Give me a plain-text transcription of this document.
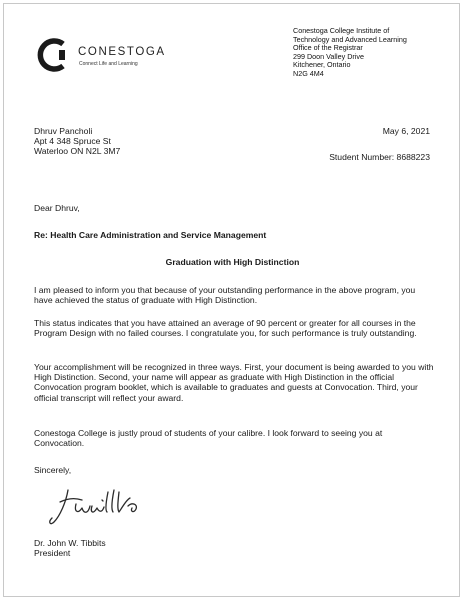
CONESTOGA
Connect Life and Learning
Conestoga College Institute of
Technology and Advanced Learning
Office of the Registrar
299 Doon Valley Drive
Kitchener, Ontario
N2G 4M4
Dhruv Pancholi
Apt 4 348 Spruce St
Waterloo ON N2L 3M7
May 6, 2021
Student Number: 8688223
Dear Dhruv,
Re: Health Care Administration and Service Management
Graduation with High Distinction
I am pleased to inform you that because of your outstanding performance in the above program, you have achieved the status of graduate with High Distinction.
This status indicates that you have attained an average of 90 percent or greater for all courses in the Program Design with no failed courses. I congratulate you, for such performance is truly outstanding.
Your accomplishment will be recognized in three ways. First, your document is being awarded to you with High Distinction. Second, your name will appear as graduate with High Distinction in the official Convocation program booklet, which is available to graduates and guests at Convocation. Third, your official transcript will reflect your award.
Conestoga College is justly proud of students of your calibre. I look forward to seeing you at Convocation.
Sincerely,
Dr. John W. Tibbits
President
